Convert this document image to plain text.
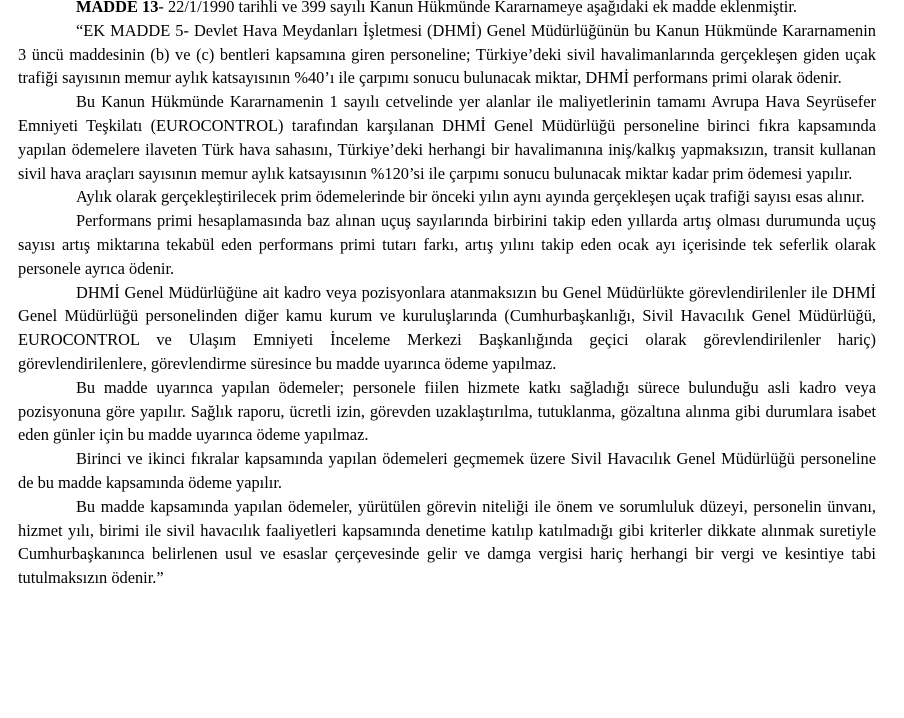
MADDE 13- 22/1/1990 tarihli ve 399 sayılı Kanun Hükmünde Kararnameye aşağıdaki ek madde eklenmiştir.

“EK MADDE 5- Devlet Hava Meydanları İşletmesi (DHMİ) Genel Müdürlüğünün bu Kanun Hükmünde Kararnamenin 3 üncü maddesinin (b) ve (c) bentleri kapsamına giren personeline; Türkiye’deki sivil havalimanlarında gerçekleşen giden uçak trafiği sayısının memur aylık katsayısının %40’ı ile çarpımı sonucu bulunacak miktar, DHMİ performans primi olarak ödenir.

Bu Kanun Hükmünde Kararnamenin 1 sayılı cetvelinde yer alanlar ile maliyetlerinin tamamı Avrupa Hava Seyrüsefer Emniyeti Teşkilatı (EUROCONTROL) tarafından karşılanan DHMİ Genel Müdürlüğü personeline birinci fıkra kapsamında yapılan ödemelere ilaveten Türk hava sahasını, Türkiye’deki herhangi bir havalimanına iniş/kalkış yapmaksızın, transit kullanan sivil hava araçları sayısının memur aylık katsayısının %120’si ile çarpımı sonucu bulunacak miktar kadar prim ödemesi yapılır.

Aylık olarak gerçekleştirilecek prim ödemelerinde bir önceki yılın aynı ayında gerçekleşen uçak trafiği sayısı esas alınır.

Performans primi hesaplamasında baz alınan uçuş sayılarında birbirini takip eden yıllarda artış olması durumunda uçuş sayısı artış miktarına tekabül eden performans primi tutarı farkı, artış yılını takip eden ocak ayı içerisinde tek seferlik olarak personele ayrıca ödenir.

DHMİ Genel Müdürlüğüne ait kadro veya pozisyonlara atanmaksızın bu Genel Müdürlükte görevlendirilenler ile DHMİ Genel Müdürlüğü personelinden diğer kamu kurum ve kuruluşlarında (Cumhurbaşkanlığı, Sivil Havacılık Genel Müdürlüğü, EUROCONTROL ve Ulaşım Emniyeti İnceleme Merkezi Başkanlığında geçici olarak görevlendirilenler hariç) görevlendirilenlere, görevlendirme süresince bu madde uyarınca ödeme yapılmaz.

Bu madde uyarınca yapılan ödemeler; personele fiilen hizmete katkı sağladığı sürece bulunduğu asli kadro veya pozisyonuna göre yapılır. Sağlık raporu, ücretli izin, görevden uzaklaştırılma, tutuklanma, gözaltına alınma gibi durumlara isabet eden günler için bu madde uyarınca ödeme yapılmaz.

Birinci ve ikinci fıkralar kapsamında yapılan ödemeleri geçmemek üzere Sivil Havacılık Genel Müdürlüğü personeline de bu madde kapsamında ödeme yapılır.

Bu madde kapsamında yapılan ödemeler, yürütülen görevin niteliği ile önem ve sorumluluk düzeyi, personelin ünvanı, hizmet yılı, birimi ile sivil havacılık faaliyetleri kapsamında denetime katılıp katılmadığı gibi kriterler dikkate alınmak suretiyle Cumhurbaşkanınca belirlenen usul ve esaslar çerçevesinde gelir ve damga vergisi hariç herhangi bir vergi ve kesintiye tabi tutulmaksızın ödenir.”
